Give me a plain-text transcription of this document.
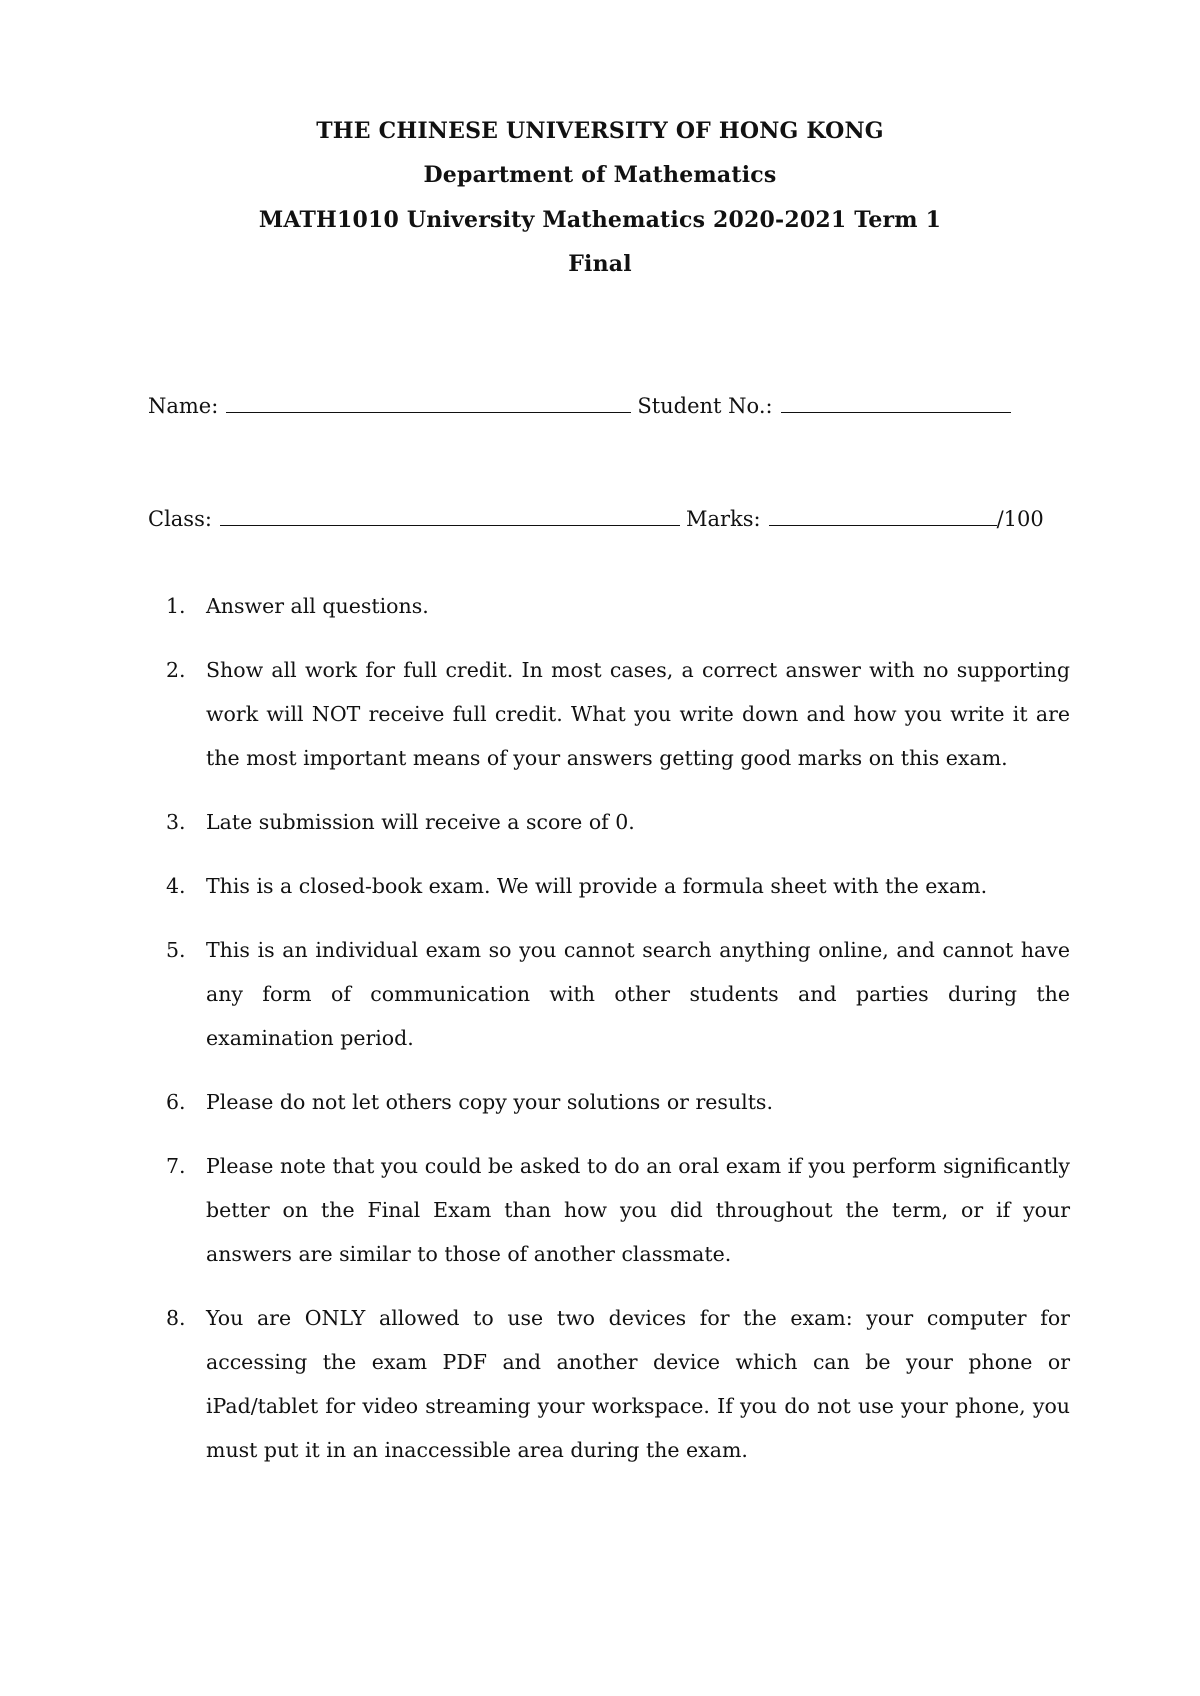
THE CHINESE UNIVERSITY OF HONG KONG

Department of Mathematics

MATH1010 University Mathematics 2020-2021 Term 1

Final

Name:	Student No.:
Class:	Marks:	/100
1. Answer all questions.
2. Show all work for full credit. In most cases, a correct answer with no supporting work will NOT receive full credit. What you write down and how you write it are the most important means of your answers getting good marks on this exam.
3. Late submission will receive a score of 0.
4. This is a closed-book exam. We will provide a formula sheet with the exam.
5. This is an individual exam so you cannot search anything online, and cannot have any form of communication with other students and parties during the examination period.
6. Please do not let others copy your solutions or results.
7. Please note that you could be asked to do an oral exam if you perform significantly better on the Final Exam than how you did throughout the term, or if your answers are similar to those of another classmate.
8. You are ONLY allowed to use two devices for the exam: your computer for accessing the exam PDF and another device which can be your phone or iPad/tablet for video streaming your workspace. If you do not use your phone, you must put it in an inaccessible area during the exam.
